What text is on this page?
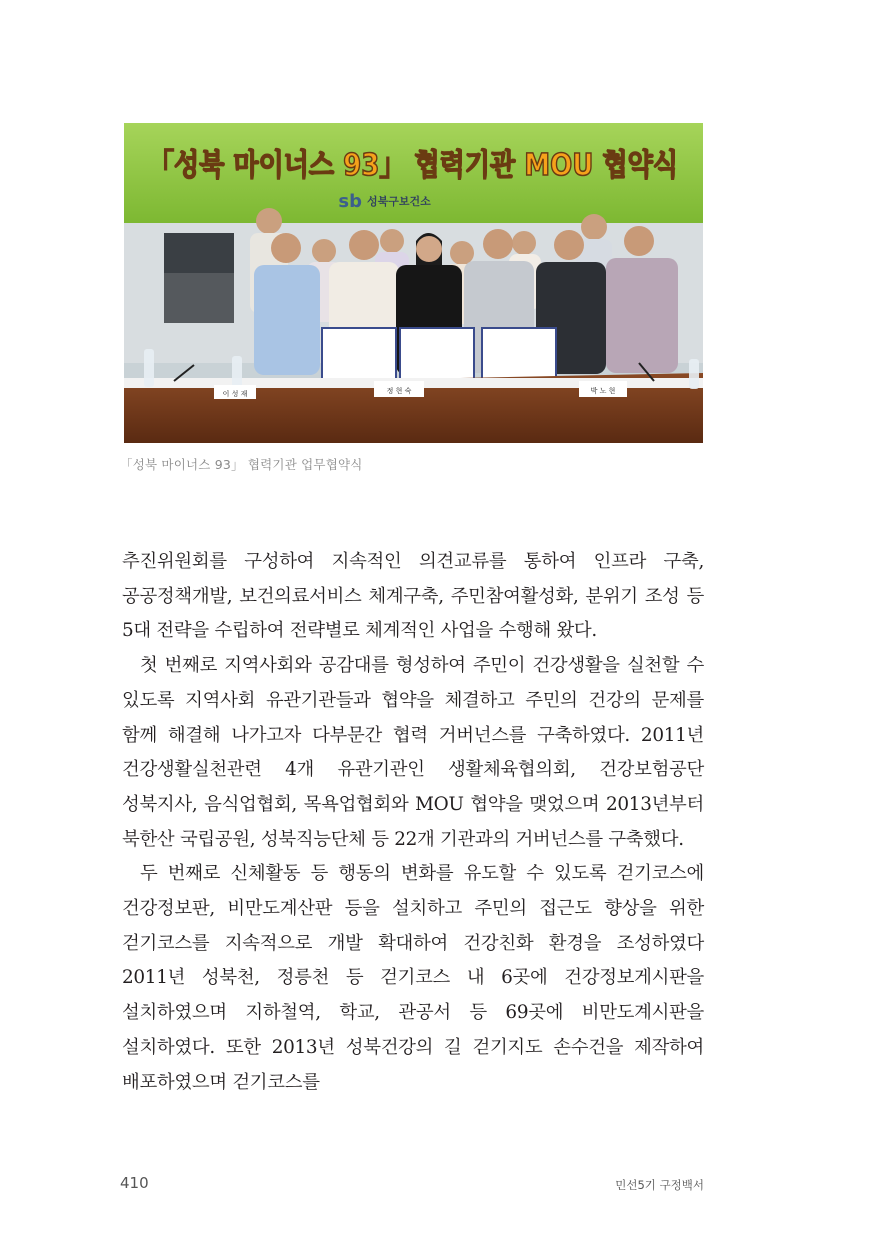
「성북 마이너스 93」 협력기관 MOU 협약식
sb 성북구보건소
이 성 재	정 현 숙	박 노 현
「성북 마이너스 93」 협력기관 업무협약식

추진위원회를 구성하여 지속적인 의견교류를 통하여 인프라 구축, 공공정책개발, 보건의료서비스 체계구축, 주민참여활성화, 분위기 조성 등 5대 전략을 수립하여 전략별로 체계적인 사업을 수행해 왔다.

첫 번째로 지역사회와 공감대를 형성하여 주민이 건강생활을 실천할 수 있도록 지역사회 유관기관들과 협약을 체결하고 주민의 건강의 문제를 함께 해결해 나가고자 다부문간 협력 거버넌스를 구축하였다. 2011년 건강생활실천관련 4개 유관기관인 생활체육협의회, 건강보험공단 성북지사, 음식업협회, 목욕업협회와 MOU 협약을 맺었으며 2013년부터 북한산 국립공원, 성북직능단체 등 22개 기관과의 거버넌스를 구축했다.

두 번째로 신체활동 등 행동의 변화를 유도할 수 있도록 걷기코스에 건강정보판, 비만도계산판 등을 설치하고 주민의 접근도 향상을 위한 걷기코스를 지속적으로 개발 확대하여 건강친화 환경을 조성하였다 2011년 성북천, 정릉천 등 걷기코스 내 6곳에 건강정보게시판을 설치하였으며 지하철역, 학교, 관공서 등 69곳에 비만도계시판을 설치하였다. 또한 2013년 성북건강의 길 걷기지도 손수건을 제작하여 배포하였으며 걷기코스를

410	민선5기 구정백서
